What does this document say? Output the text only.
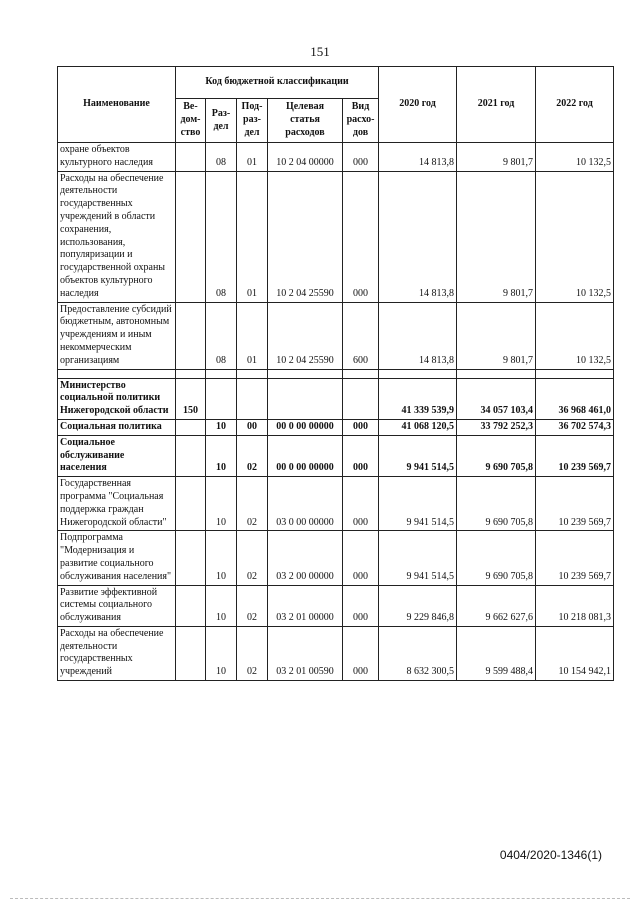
151
Наименование	Код бюджетной классификации					2020 год	2021 год	2022 год
	Ве-дом-ство	Раз-дел	Под-раз-дел	Целевая статья расходов	Вид расхо-дов			
охране объектов культурного наследия		08	01	10 2 04 00000	000	14 813,8	9 801,7	10 132,5
Расходы на обеспечение деятельности государственных учреждений в области сохранения, использования, популяризации и государственной охраны объектов культурного наследия		08	01	10 2 04 25590	000	14 813,8	9 801,7	10 132,5
Предоставление субсидий бюджетным, автономным учреждениям и иным некоммерческим организациям		08	01	10 2 04 25590	600	14 813,8	9 801,7	10 132,5

Министерство социальной политики Нижегородской области	150					41 339 539,9	34 057 103,4	36 968 461,0
Социальная политика		10	00	00 0 00 00000	000	41 068 120,5	33 792 252,3	36 702 574,3
Социальное обслуживание населения		10	02	00 0 00 00000	000	9 941 514,5	9 690 705,8	10 239 569,7
Государственная программа "Социальная поддержка граждан Нижегородской области"		10	02	03 0 00 00000	000	9 941 514,5	9 690 705,8	10 239 569,7
Подпрограмма "Модернизация и развитие социального обслуживания населения"		10	02	03 2 00 00000	000	9 941 514,5	9 690 705,8	10 239 569,7
Развитие эффективной системы социального обслуживания		10	02	03 2 01 00000	000	9 229 846,8	9 662 627,6	10 218 081,3
Расходы на обеспечение деятельности государственных учреждений		10	02	03 2 01 00590	000	8 632 300,5	9 599 488,4	10 154 942,1
0404/2020-1346(1)
